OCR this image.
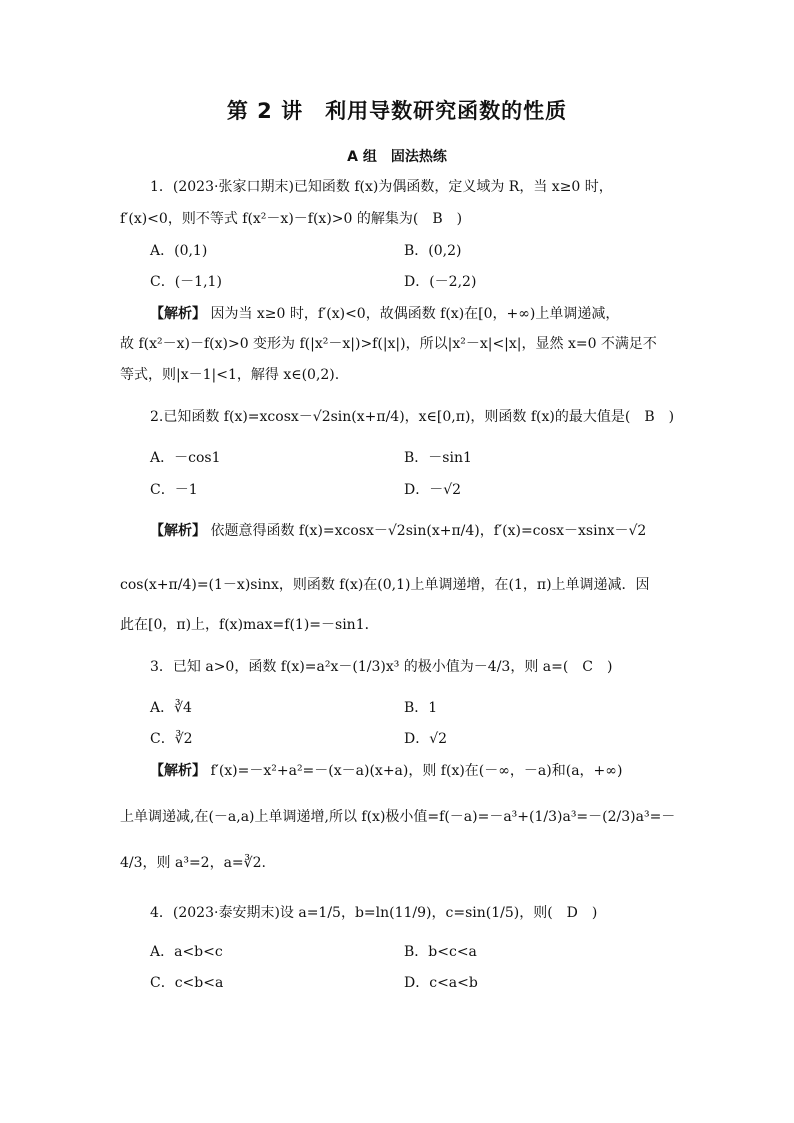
第 2 讲　利用导数研究函数的性质
A 组　固法热练
1．(2023·张家口期末)已知函数 f(x)为偶函数，定义域为 R，当 x≥0 时，
f′(x)<0，则不等式 f(x²－x)－f(x)>0 的解集为(　B　)
A．(0,1)	B．(0,2)
C．(－1,1)	D．(－2,2)
【解析】 因为当 x≥0 时，f′(x)<0，故偶函数 f(x)在[0，+∞)上单调递减，
故 f(x²－x)－f(x)>0 变形为 f(|x²－x|)>f(|x|)，所以|x²－x|<|x|，显然 x=0 不满足不
等式，则|x－1|<1，解得 x∈(0,2).
2.已知函数 f(x)=xcosx－√2sin(x+π/4)，x∈[0,π)，则函数 f(x)的最大值是(　B　)
A．－cos1	B．－sin1
C．－1	D．－√2
【解析】 依题意得函数 f(x)=xcosx－√2sin(x+π/4)，f′(x)=cosx－xsinx－√2
cos(x+π/4)=(1－x)sinx，则函数 f(x)在(0,1)上单调递增，在(1，π)上单调递减．因
此在[0，π)上，f(x)max=f(1)=－sin1．
3．已知 a>0，函数 f(x)=a²x－(1/3)x³ 的极小值为－4/3，则 a=(　C　)
A．∛4	B．1
C．∛2	D．√2
【解析】 f′(x)=－x²+a²=－(x－a)(x+a)，则 f(x)在(－∞，－a)和(a，+∞)
上单调递减,在(－a,a)上单调递增,所以 f(x)极小值=f(－a)=－a³+(1/3)a³=－(2/3)a³=－
4/3，则 a³=2，a=∛2.
4．(2023·泰安期末)设 a=1/5，b=ln(11/9)，c=sin(1/5)，则(　D　)
A．a<b<c	B．b<c<a
C．c<b<a	D．c<a<b
